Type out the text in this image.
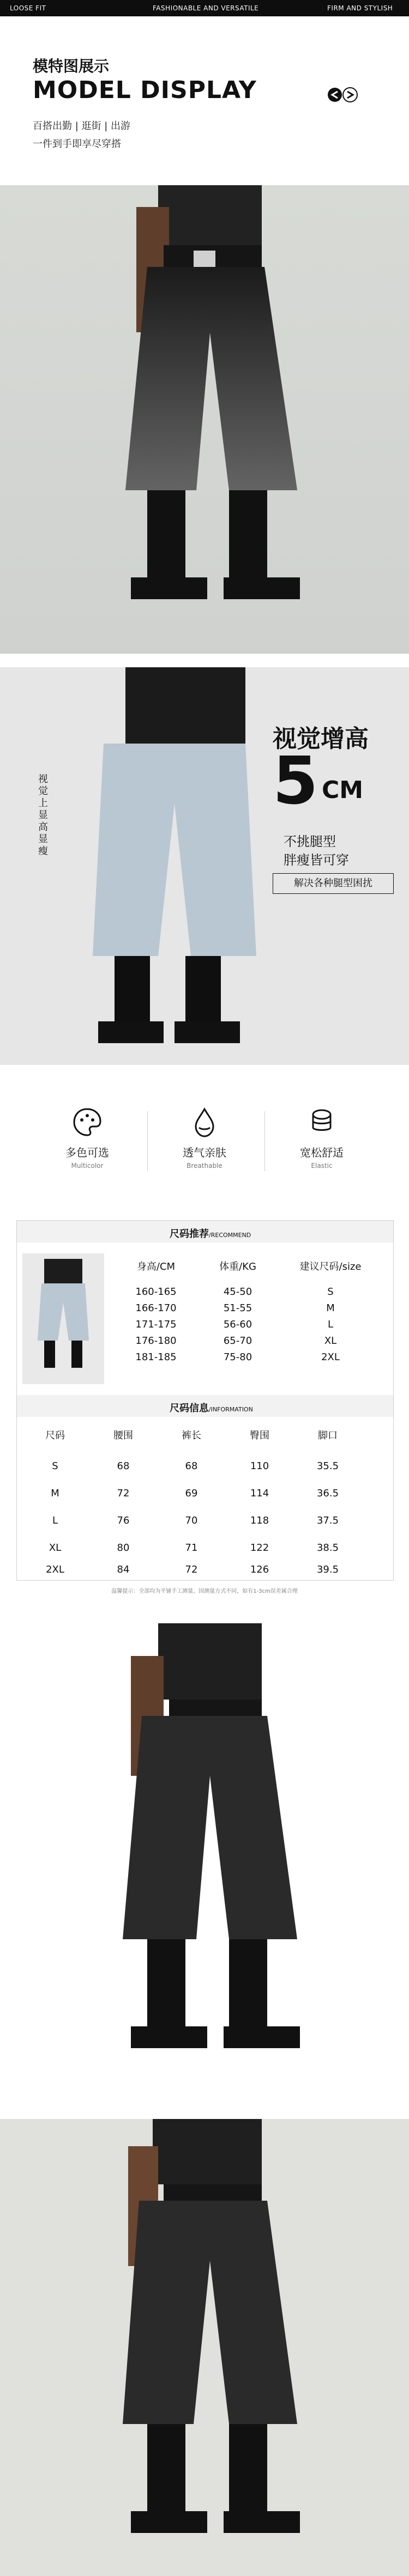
LOOSE FIT	FASHIONABLE AND VERSATILE	FIRM AND STYLISH
模特图展示
MODEL DISPLAY
百搭出勤 | 逛街 | 出游
一件到手即享尽穿搭
视觉增高
5 CM
不挑腿型
胖瘦皆可穿
解决各种腿型困扰
视觉上显高显瘦
多色可选
Multicolor
透气亲肤
Breathable
宽松舒适
Elastic
尺码推荐/RECOMMEND
身高/CM	体重/KG	建议尺码/size
160-165	45-50	S
166-170	51-55	M
171-175	56-60	L
176-180	65-70	XL
181-185	75-80	2XL
尺码信息/INFORMATION
尺码	腰围	裤长	臀围	脚口
S	68	68	110	35.5
M	72	69	114	36.5
L	76	70	118	37.5
XL	80	71	122	38.5
2XL	84	72	126	39.5
温馨提示：全部均为平铺手工测量，因测量方式不同，如有1-3cm误差属合理
